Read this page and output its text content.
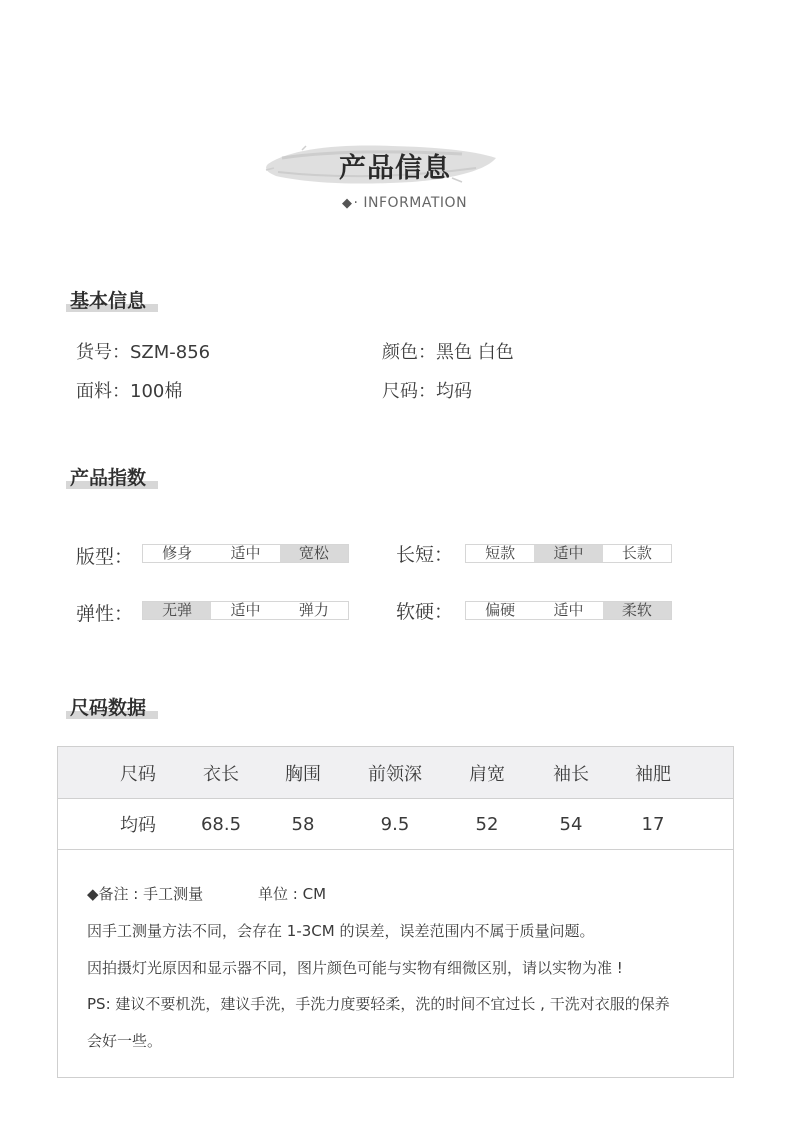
产品信息
◆· INFORMATION
基本信息
货号：SZM-856	颜色：黑色 白色
面料：100棉	尺码：均码
产品指数
版型：	修身	适中	宽松	长短：	短款	适中	长款
弹性：	无弹	适中	弹力	软硬：	偏硬	适中	柔软
尺码数据
尺码	衣长	胸围	前领深	肩宽	袖长	袖肥
均码	68.5	58	9.5	52	54	17
◆备注 : 手工测量	单位 : CM
因手工测量方法不同，会存在 1-3CM 的误差，误差范围内不属于质量问题。
因拍摄灯光原因和显示器不同，图片颜色可能与实物有细微区别，请以实物为准 !
PS: 建议不要机洗，建议手洗，手洗力度要轻柔，洗的时间不宜过长 , 干洗对衣服的保养
会好一些。
